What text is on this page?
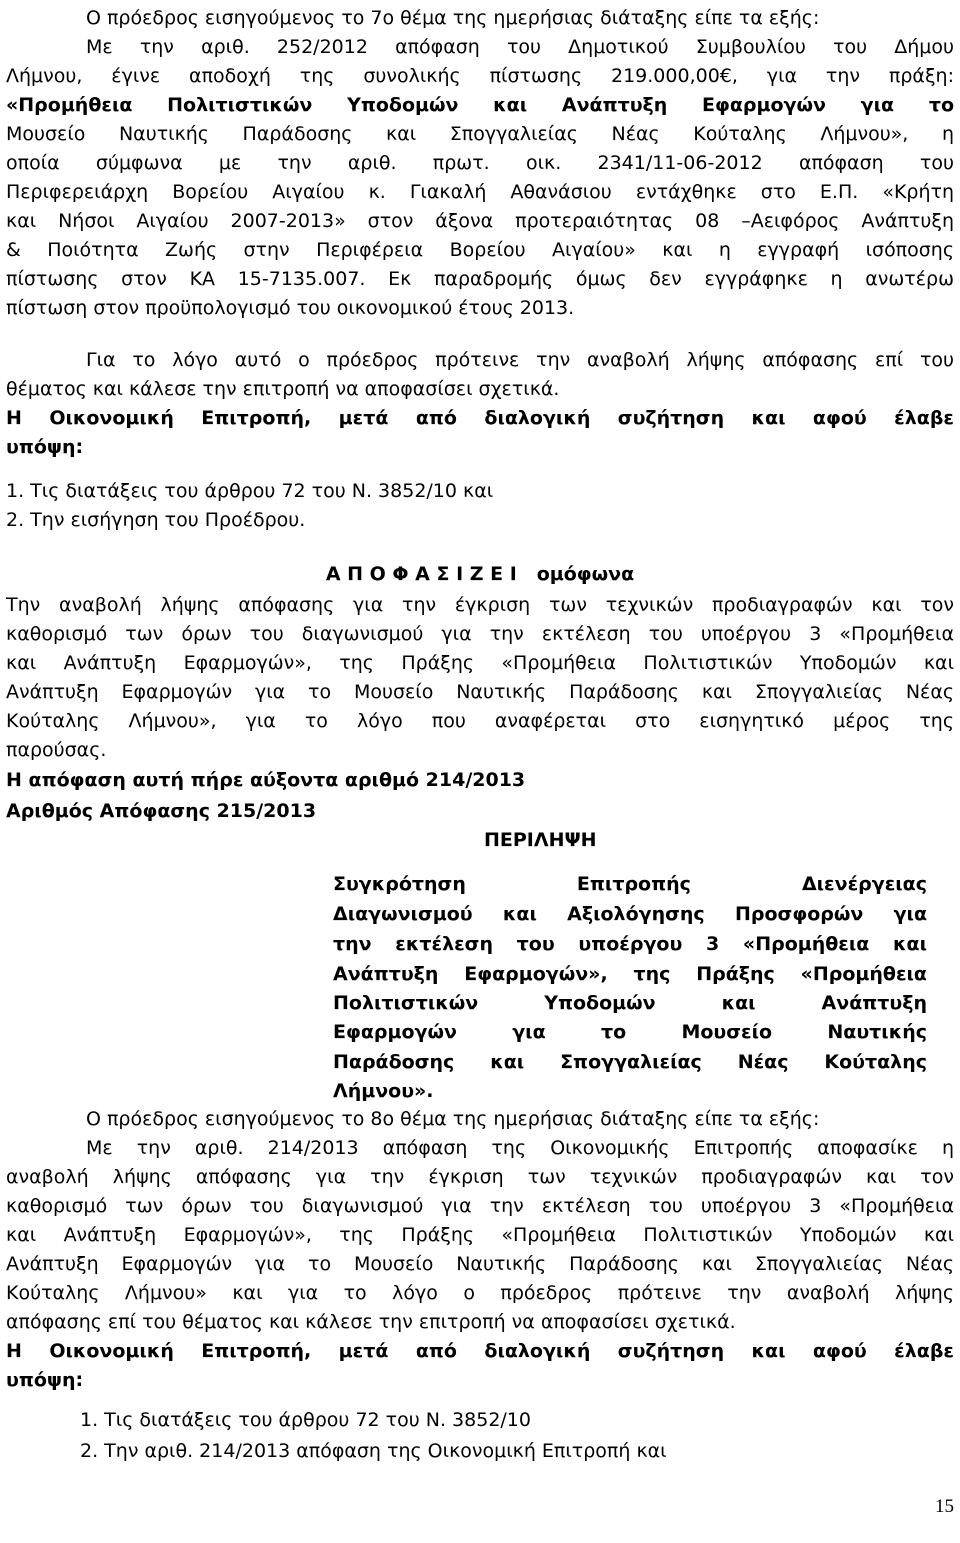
Ο πρόεδρος εισηγούμενος το 7ο θέμα της ημερήσιας διάταξης είπε τα εξής:
Με την αριθ. 252/2012 απόφαση του Δημοτικού Συμβουλίου του Δήμου
Λήμνου, έγινε αποδοχή της συνολικής πίστωσης 219.000,00€, για την πράξη:
«Προμήθεια Πολιτιστικών Υποδομών και Ανάπτυξη Εφαρμογών για το
Μουσείο Ναυτικής Παράδοσης και Σπογγαλιείας Νέας Κούταλης Λήμνου», η
οποία σύμφωνα με την αριθ. πρωτ. οικ. 2341/11-06-2012 απόφαση του
Περιφερειάρχη Βορείου Αιγαίου κ. Γιακαλή Αθανάσιου εντάχθηκε στο Ε.Π. «Κρήτη
και Νήσοι Αιγαίου 2007-2013» στον άξονα προτεραιότητας 08 –Αειφόρος Ανάπτυξη
& Ποιότητα Ζωής στην Περιφέρεια Βορείου Αιγαίου» και η εγγραφή ισόποσης
πίστωσης στον ΚΑ 15-7135.007. Εκ παραδρομής όμως δεν εγγράφηκε η ανωτέρω
πίστωση στον προϋπολογισμό του οικονομικού έτους 2013.
Για το λόγο αυτό ο πρόεδρος πρότεινε την αναβολή λήψης απόφασης επί του
θέματος και κάλεσε την επιτροπή να αποφασίσει σχετικά.
Η Οικονομική Επιτροπή, μετά από διαλογική συζήτηση και αφού έλαβε
υπόψη:
1. Τις διατάξεις του άρθρου 72 του Ν. 3852/10 και
2. Την εισήγηση του Προέδρου.
Α Π Ο Φ Α Σ Ι Ζ Ε Ι ομόφωνα
Την αναβολή λήψης απόφασης για την έγκριση των τεχνικών προδιαγραφών και τον
καθορισμό των όρων του διαγωνισμού για την εκτέλεση του υποέργου 3 «Προμήθεια
και Ανάπτυξη Εφαρμογών», της Πράξης «Προμήθεια Πολιτιστικών Υποδομών και
Ανάπτυξη Εφαρμογών για το Μουσείο Ναυτικής Παράδοσης και Σπογγαλιείας Νέας
Κούταλης Λήμνου», για το λόγο που αναφέρεται στο εισηγητικό μέρος της
παρούσας.
Η απόφαση αυτή πήρε αύξοντα αριθμό 214/2013
Αριθμός Απόφασης 215/2013
ΠΕΡΙΛΗΨΗ
Συγκρότηση Επιτροπής Διενέργειας
Διαγωνισμού και Αξιολόγησης Προσφορών για
την εκτέλεση του υποέργου 3 «Προμήθεια και
Ανάπτυξη Εφαρμογών», της Πράξης «Προμήθεια
Πολιτιστικών Υποδομών και Ανάπτυξη
Εφαρμογών για το Μουσείο Ναυτικής
Παράδοσης και Σπογγαλιείας Νέας Κούταλης
Λήμνου».
Ο πρόεδρος εισηγούμενος το 8ο θέμα της ημερήσιας διάταξης είπε τα εξής:
Με την αριθ. 214/2013 απόφαση της Οικονομικής Επιτροπής αποφασίκε η
αναβολή λήψης απόφασης για την έγκριση των τεχνικών προδιαγραφών και τον
καθορισμό των όρων του διαγωνισμού για την εκτέλεση του υποέργου 3 «Προμήθεια
και Ανάπτυξη Εφαρμογών», της Πράξης «Προμήθεια Πολιτιστικών Υποδομών και
Ανάπτυξη Εφαρμογών για το Μουσείο Ναυτικής Παράδοσης και Σπογγαλιείας Νέας
Κούταλης Λήμνου» και για το λόγο ο πρόεδρος πρότεινε την αναβολή λήψης
απόφασης επί του θέματος και κάλεσε την επιτροπή να αποφασίσει σχετικά.
Η Οικονομική Επιτροπή, μετά από διαλογική συζήτηση και αφού έλαβε
υπόψη:
1. Τις διατάξεις του άρθρου 72 του Ν. 3852/10
2. Την αριθ. 214/2013 απόφαση της Οικονομική Επιτροπή και
15
